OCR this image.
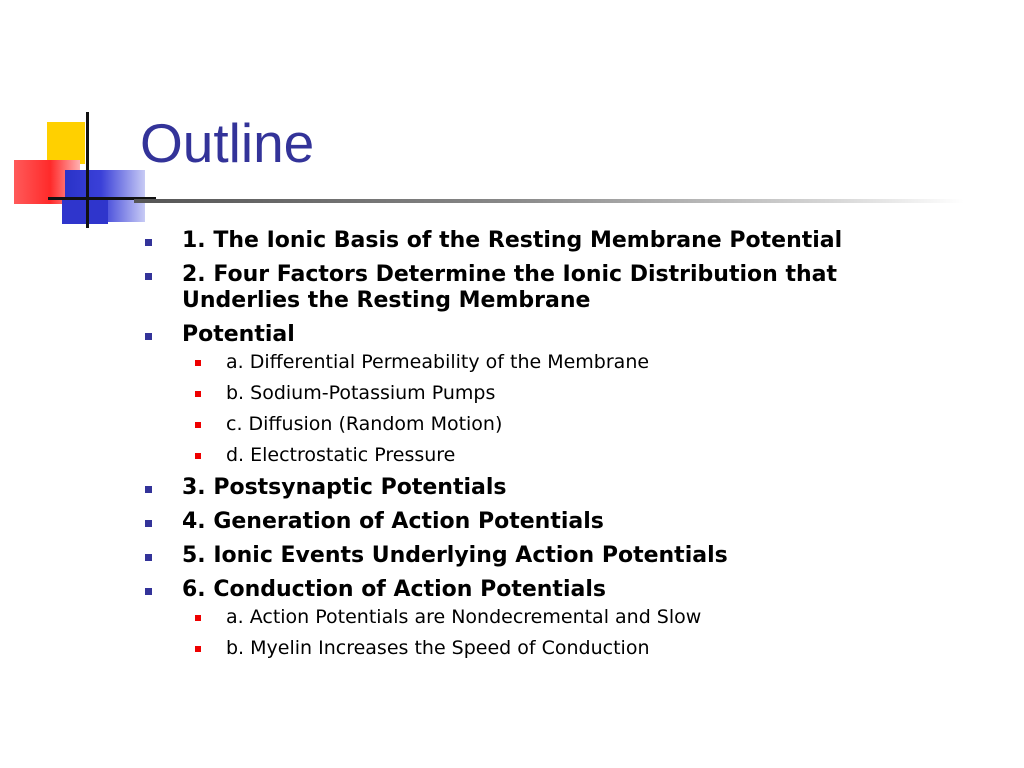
Outline
1. The Ionic Basis of the Resting Membrane Potential
2. Four Factors Determine the Ionic Distribution that Underlies the Resting Membrane
Potential
a. Differential Permeability of the Membrane
b. Sodium-Potassium Pumps
c. Diffusion (Random Motion)
d. Electrostatic Pressure
3. Postsynaptic Potentials
4. Generation of Action Potentials
5. Ionic Events Underlying Action Potentials
6. Conduction of Action Potentials
a. Action Potentials are Nondecremental and Slow
b. Myelin Increases the Speed of Conduction
